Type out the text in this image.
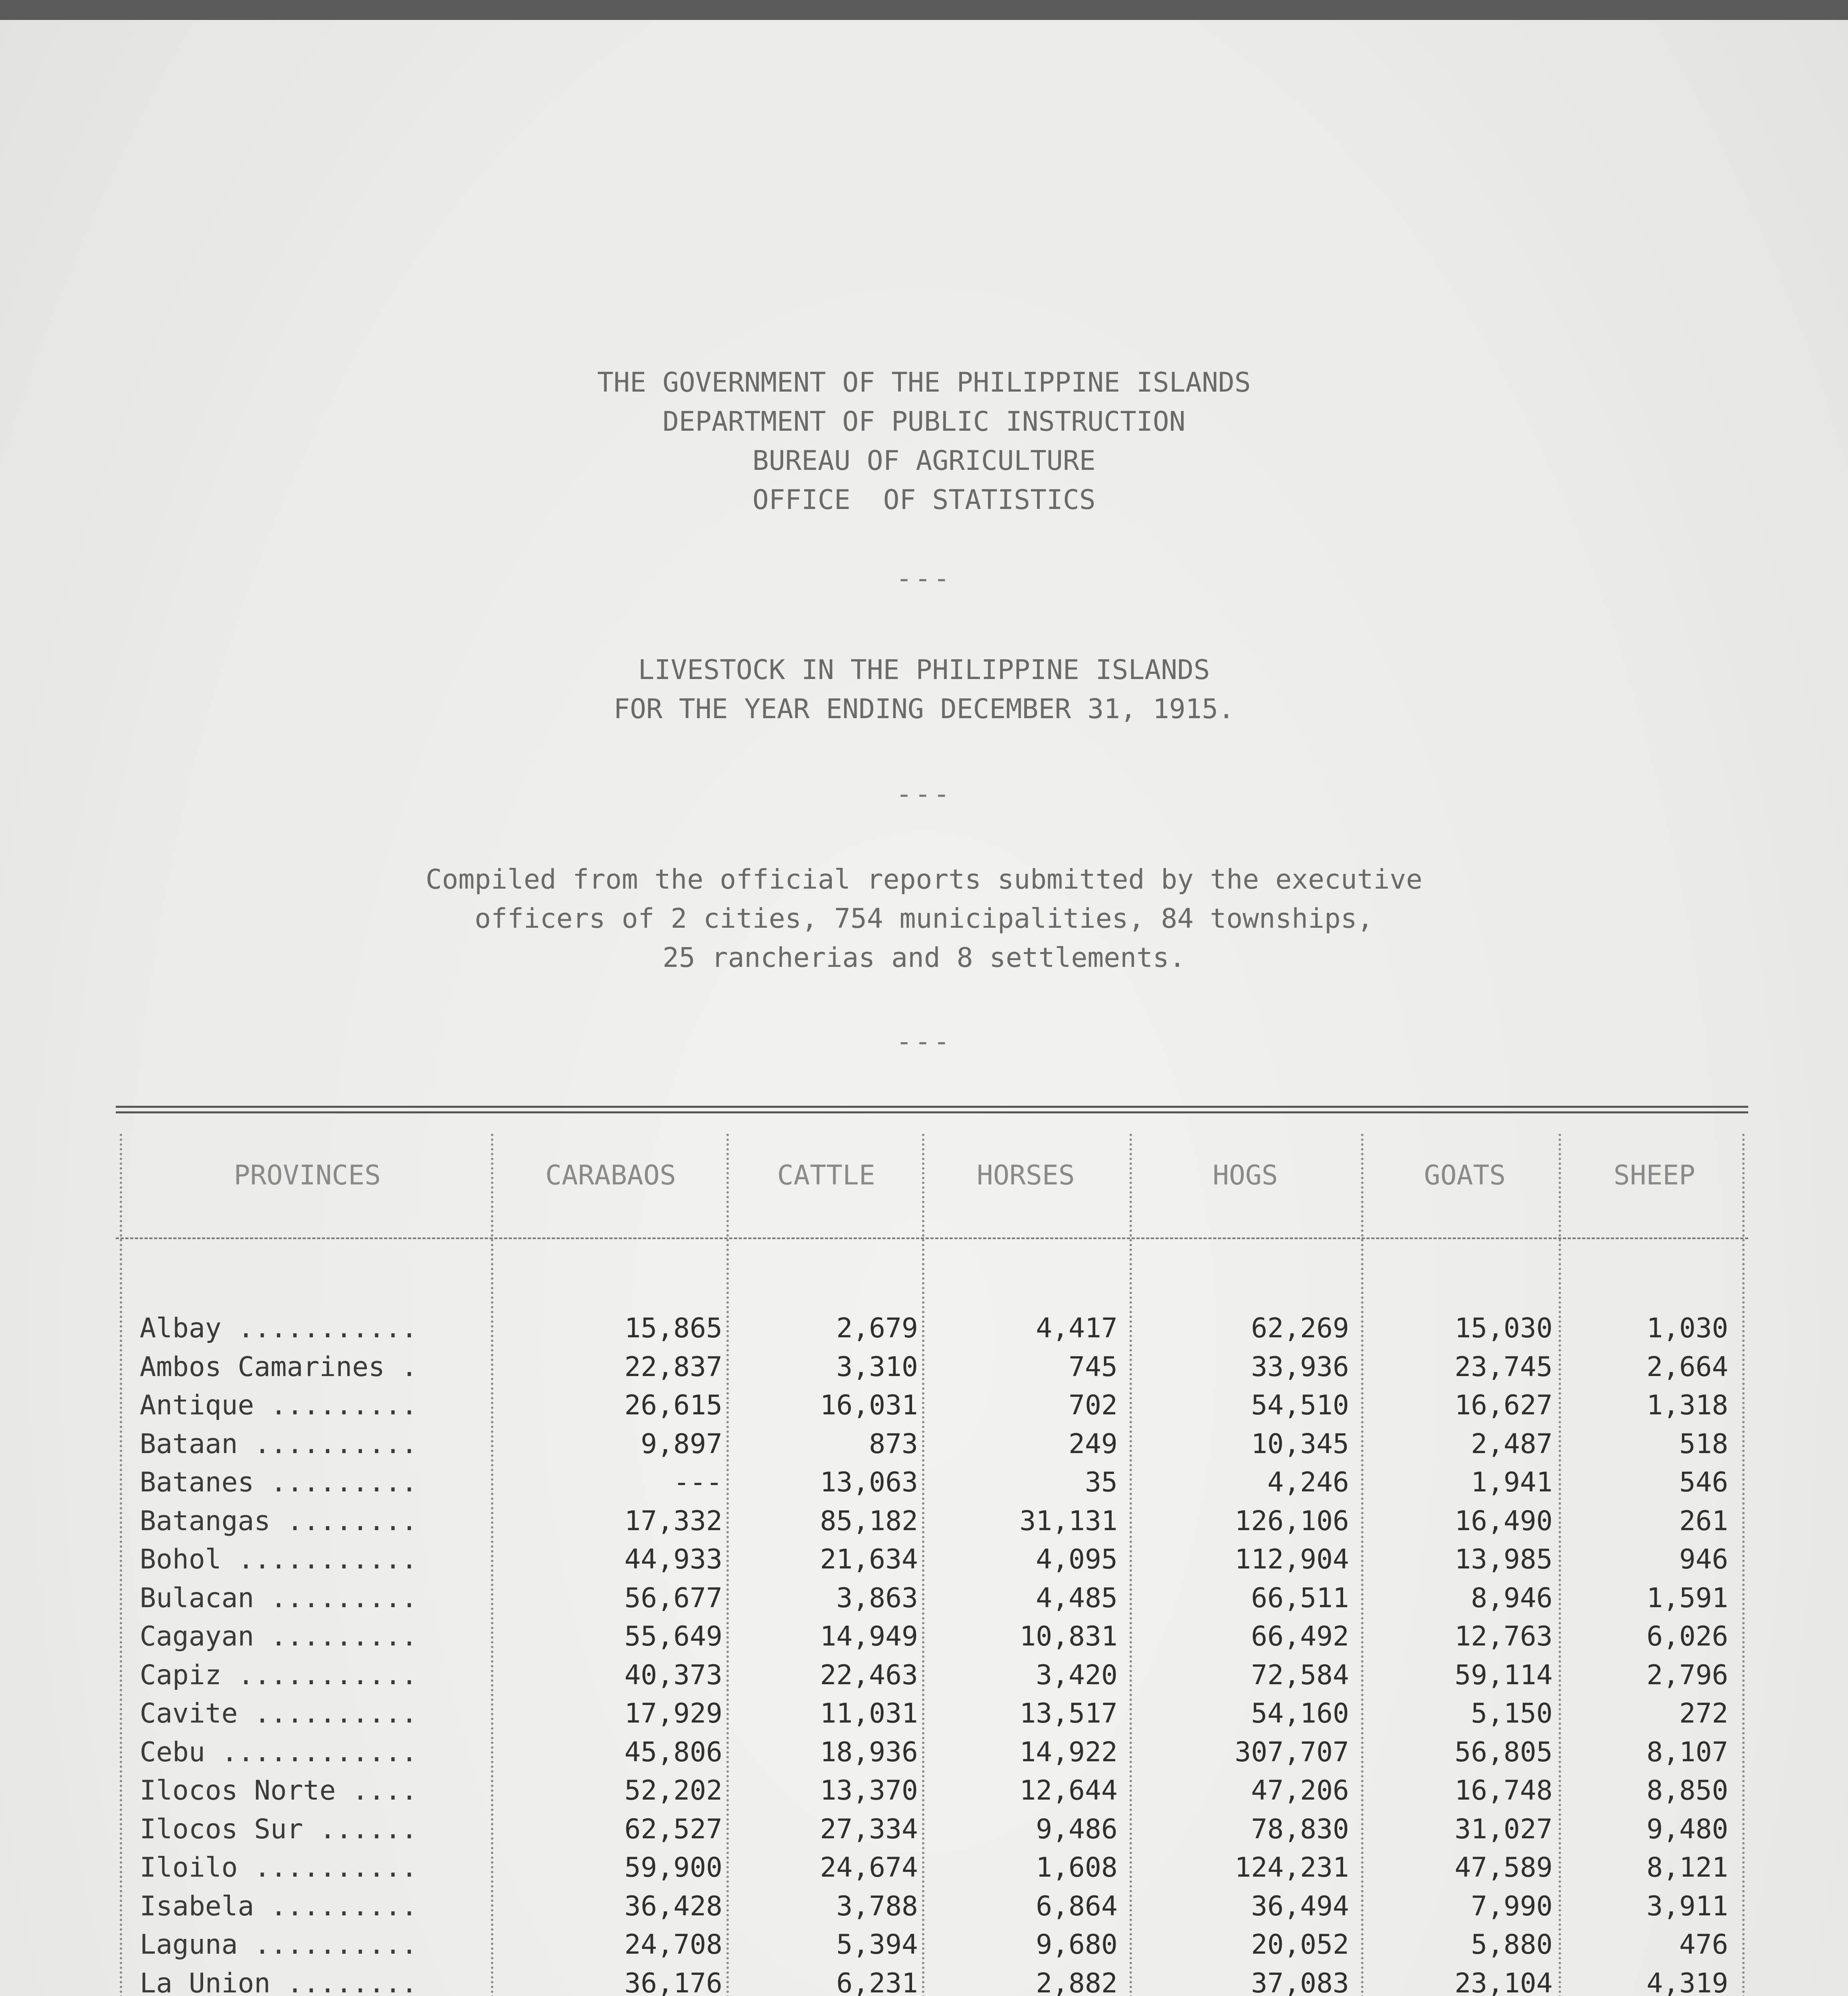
THE GOVERNMENT OF THE PHILIPPINE ISLANDS
DEPARTMENT OF PUBLIC INSTRUCTION
BUREAU OF AGRICULTURE
OFFICE  OF STATISTICS
---
LIVESTOCK IN THE PHILIPPINE ISLANDS
FOR THE YEAR ENDING DECEMBER 31, 1915.
---
Compiled from the official reports submitted by the executive
officers of 2 cities, 754 municipalities, 84 townships,
25 rancherias and 8 settlements.
---
PROVINCES	CARABAOS	CATTLE	HORSES	HOGS	GOATS	SHEEP
Albay ...........	15,865	2,679	4,417	62,269	15,030	1,030
Ambos Camarines .	22,837	3,310	745	33,936	23,745	2,664
Antique .........	26,615	16,031	702	54,510	16,627	1,318
Bataan ..........	9,897	873	249	10,345	2,487	518
Batanes .........	---	13,063	35	4,246	1,941	546
Batangas ........	17,332	85,182	31,131	126,106	16,490	261
Bohol ...........	44,933	21,634	4,095	112,904	13,985	946
Bulacan .........	56,677	3,863	4,485	66,511	8,946	1,591
Cagayan .........	55,649	14,949	10,831	66,492	12,763	6,026
Capiz ...........	40,373	22,463	3,420	72,584	59,114	2,796
Cavite ..........	17,929	11,031	13,517	54,160	5,150	272
Cebu ............	45,806	18,936	14,922	307,707	56,805	8,107
Ilocos Norte ....	52,202	13,370	12,644	47,206	16,748	8,850
Ilocos Sur ......	62,527	27,334	9,486	78,830	31,027	9,480
Iloilo ..........	59,900	24,674	1,608	124,231	47,589	8,121
Isabela .........	36,428	3,788	6,864	36,494	7,990	3,911
Laguna ..........	24,708	5,394	9,680	20,052	5,880	476
La Union ........	36,176	6,231	2,882	37,083	23,104	4,319
